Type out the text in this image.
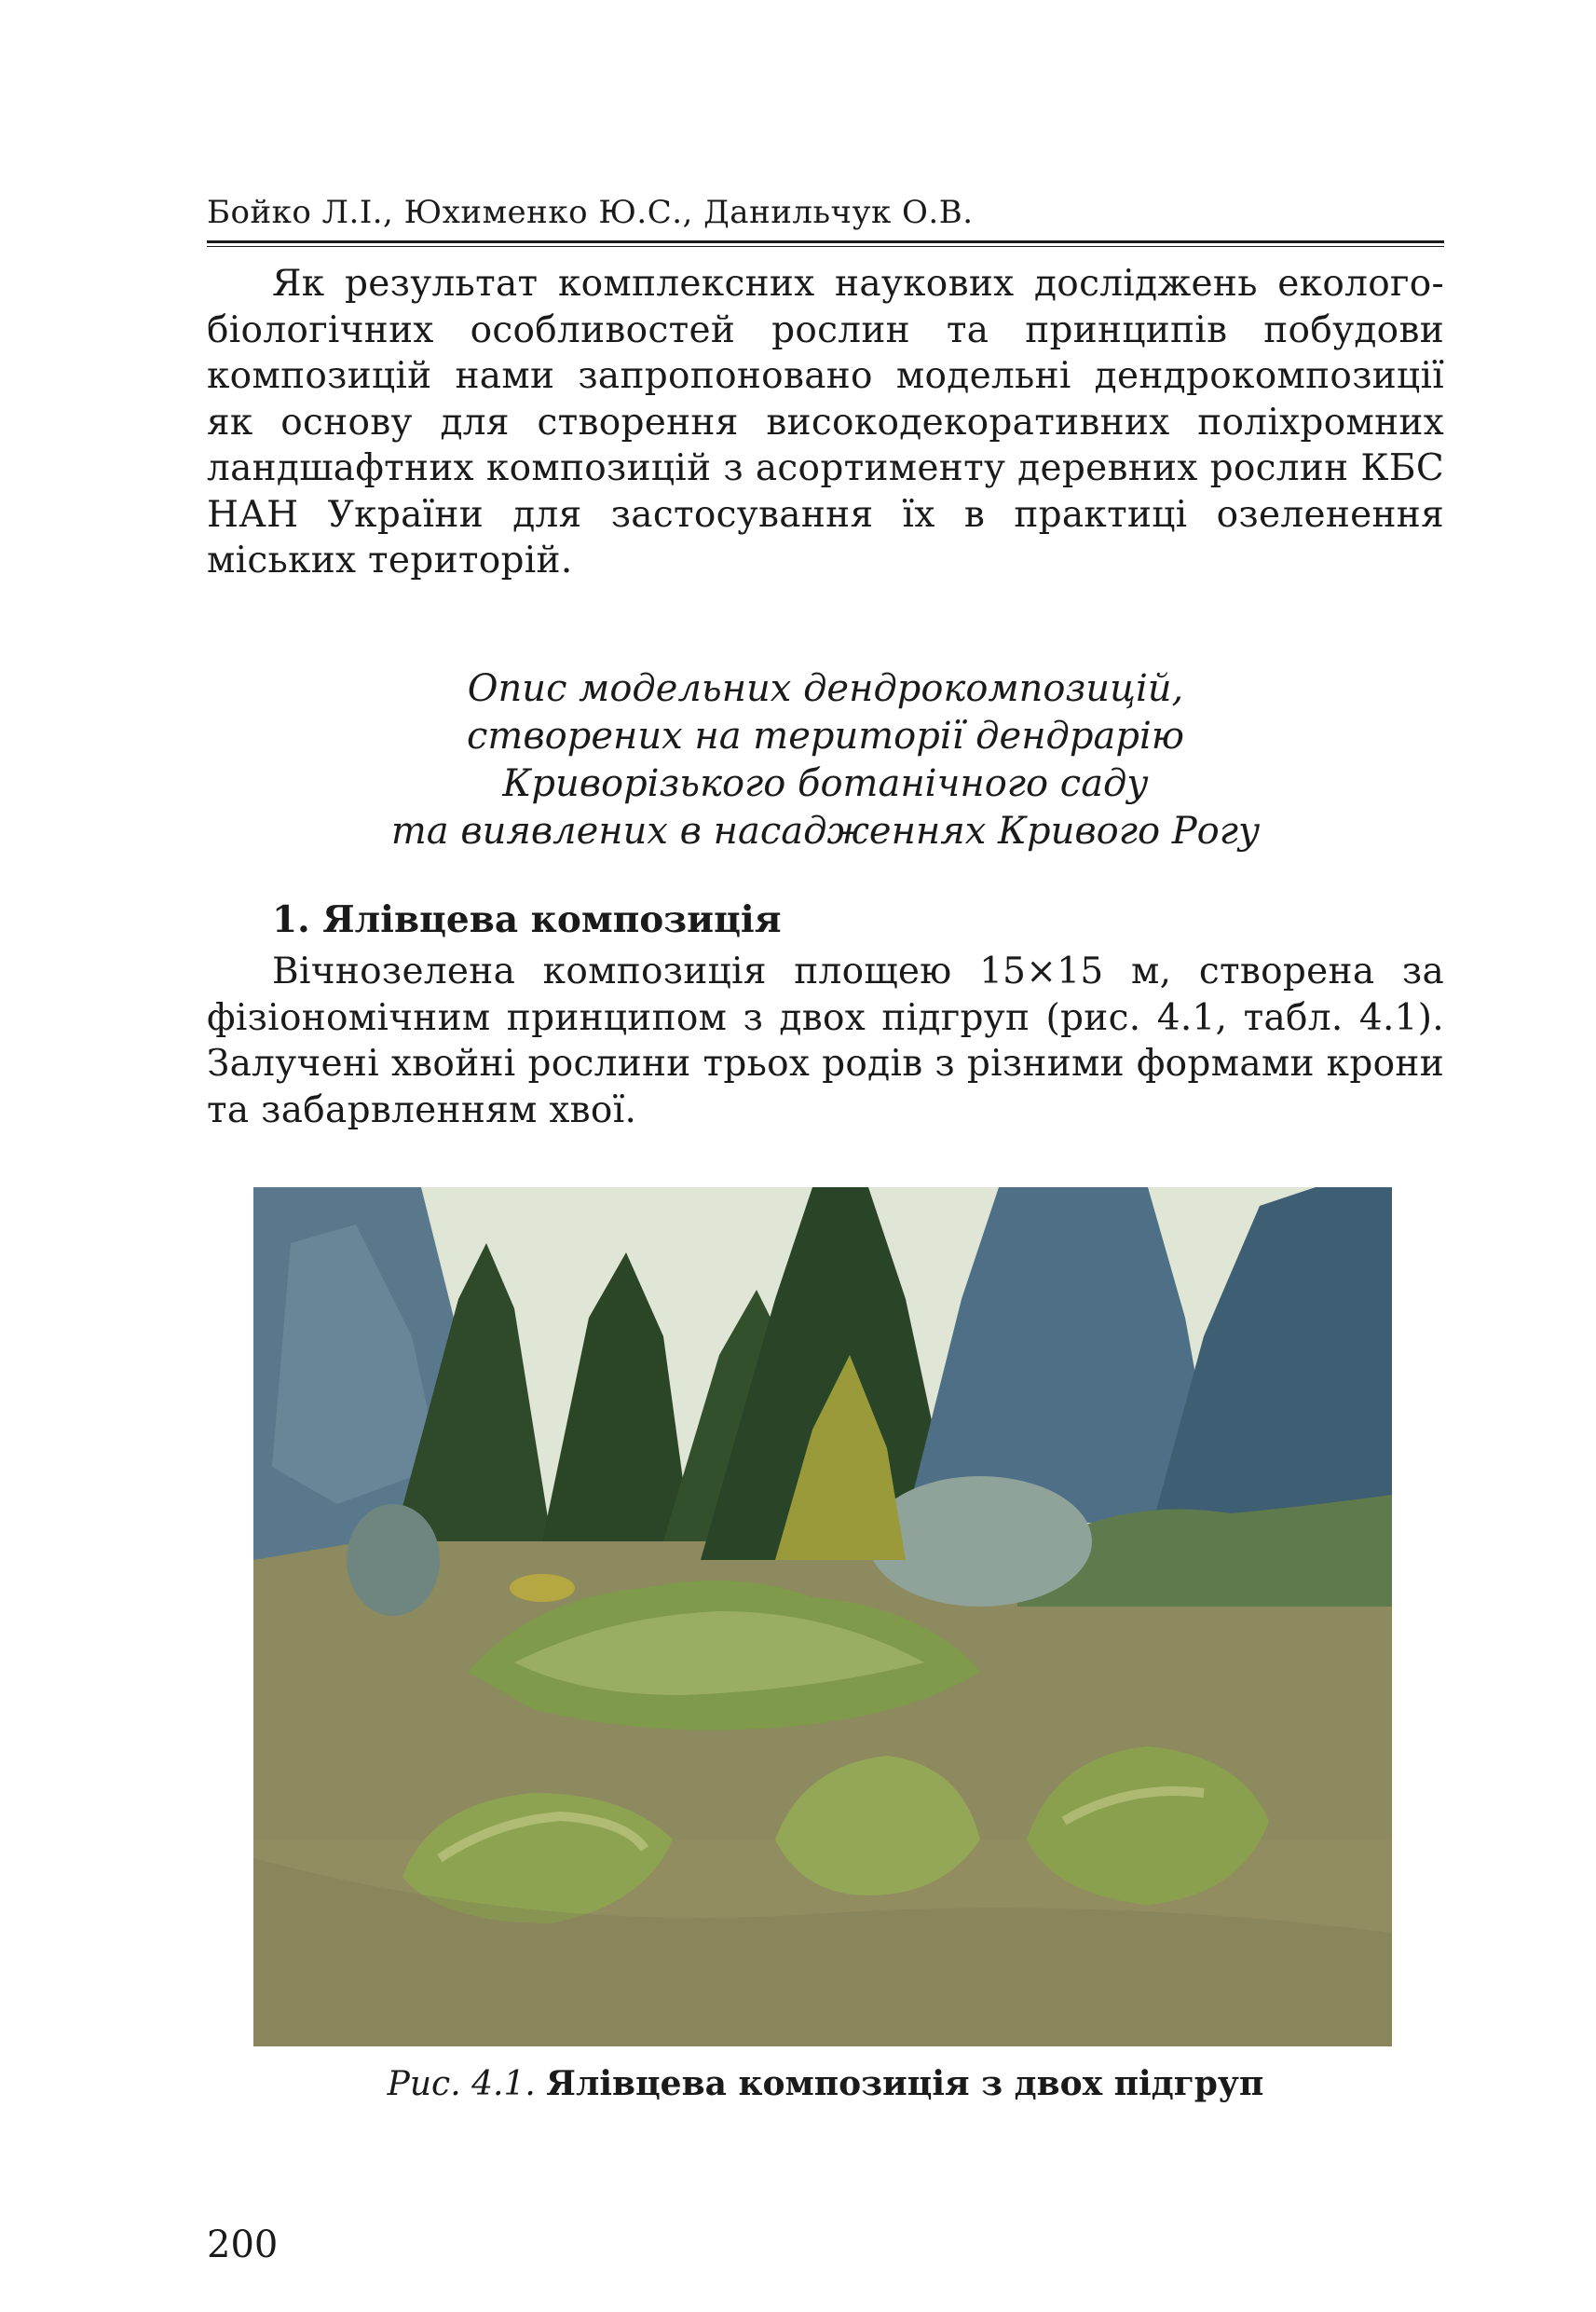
Бойко Л.І., Юхименко Ю.С., Данильчук О.В.

Як результат комплексних наукових досліджень еколого-біологічних особливостей рослин та принципів побудови композицій нами запропоновано модельні дендрокомпозиції як основу для створення високодекоративних поліхромних ландшафтних композицій з асортименту деревних рослин КБС НАН України для застосування їх в практиці озеленення міських територій.

Опис модельних дендрокомпозицій,
створених на території дендрарію
Криворізького ботанічного саду
та виявлених в насадженнях Кривого Рогу
1. Ялівцева композиція

Вічнозелена композиція площею 15×15 м, створена за фізіономічним принципом з двох підгруп (рис. 4.1, табл. 4.1). Залучені хвойні рослини трьох родів з різними формами крони та забарвленням хвої.

Рис. 4.1. Ялівцева композиція з двох підгруп
200
